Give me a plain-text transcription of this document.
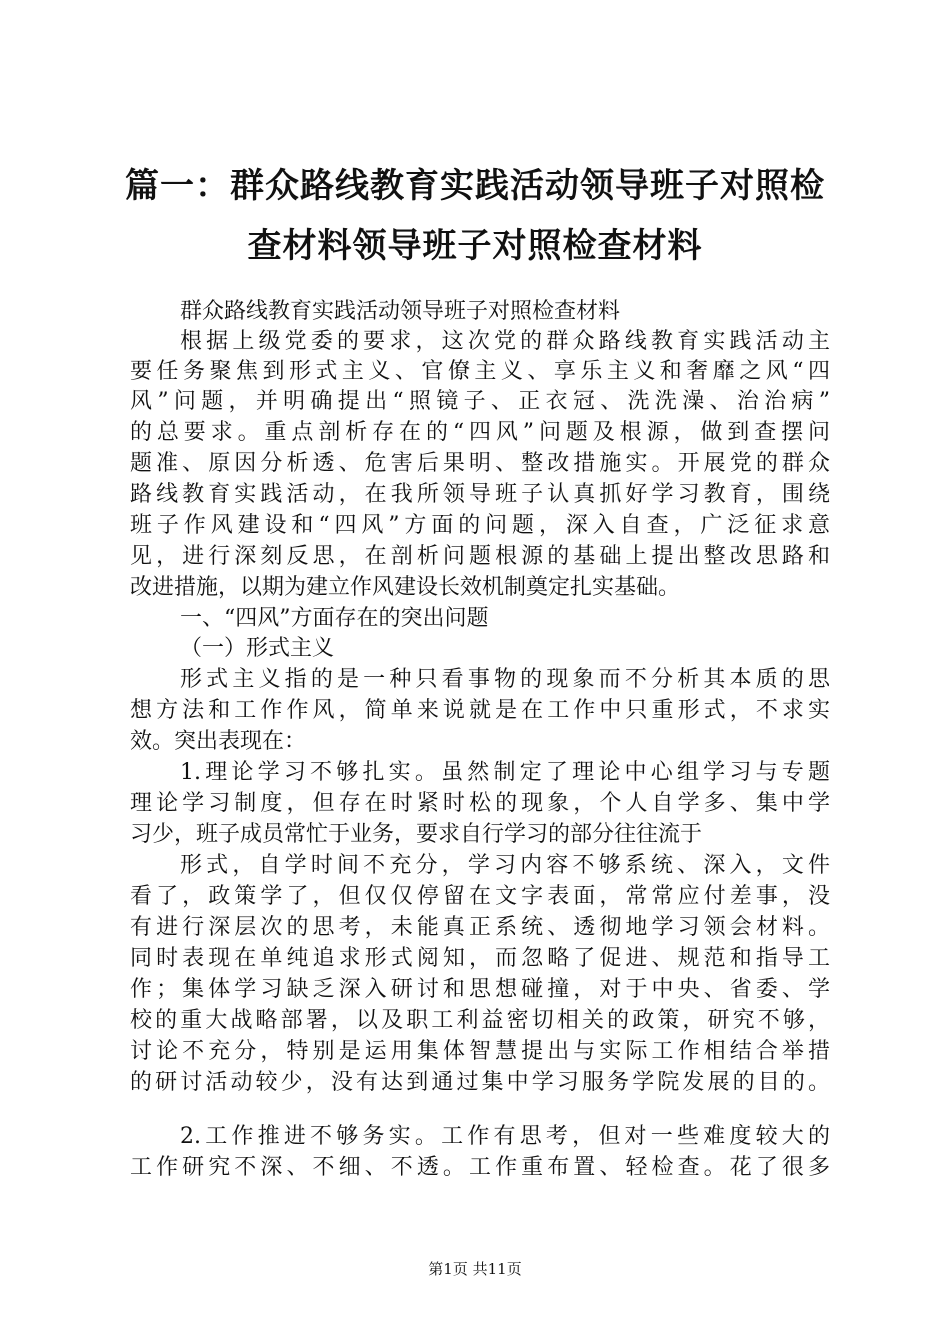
篇一：群众路线教育实践活动领导班子对照检
查材料领导班子对照检查材料
群众路线教育实践活动领导班子对照检查材料
根据上级党委的要求，这次党的群众路线教育实践活动主
要任务聚焦到形式主义、官僚主义、享乐主义和奢靡之风“四
风”问题，并明确提出“照镜子、正衣冠、洗洗澡、治治病”
的总要求。重点剖析存在的“四风”问题及根源，做到查摆问
题准、原因分析透、危害后果明、整改措施实。开展党的群众
路线教育实践活动，在我所领导班子认真抓好学习教育，围绕
班子作风建设和“四风”方面的问题，深入自查，广泛征求意
见，进行深刻反思，在剖析问题根源的基础上提出整改思路和
改进措施，以期为建立作风建设长效机制奠定扎实基础。
一、“四风”方面存在的突出问题
（一）形式主义
形式主义指的是一种只看事物的现象而不分析其本质的思
想方法和工作作风，简单来说就是在工作中只重形式，不求实
效。突出表现在：
1.理论学习不够扎实。虽然制定了理论中心组学习与专题
理论学习制度，但存在时紧时松的现象，个人自学多、集中学
习少，班子成员常忙于业务，要求自行学习的部分往往流于
形式，自学时间不充分，学习内容不够系统、深入，文件
看了，政策学了，但仅仅停留在文字表面，常常应付差事，没
有进行深层次的思考，未能真正系统、透彻地学习领会材料。
同时表现在单纯追求形式阅知，而忽略了促进、规范和指导工
作；集体学习缺乏深入研讨和思想碰撞，对于中央、省委、学
校的重大战略部署，以及职工利益密切相关的政策，研究不够，
讨论不充分，特别是运用集体智慧提出与实际工作相结合举措
的研讨活动较少，没有达到通过集中学习服务学院发展的目的。
2.工作推进不够务实。工作有思考，但对一些难度较大的
工作研究不深、不细、不透。工作重布置、轻检查。花了很多
第1页 共11页
